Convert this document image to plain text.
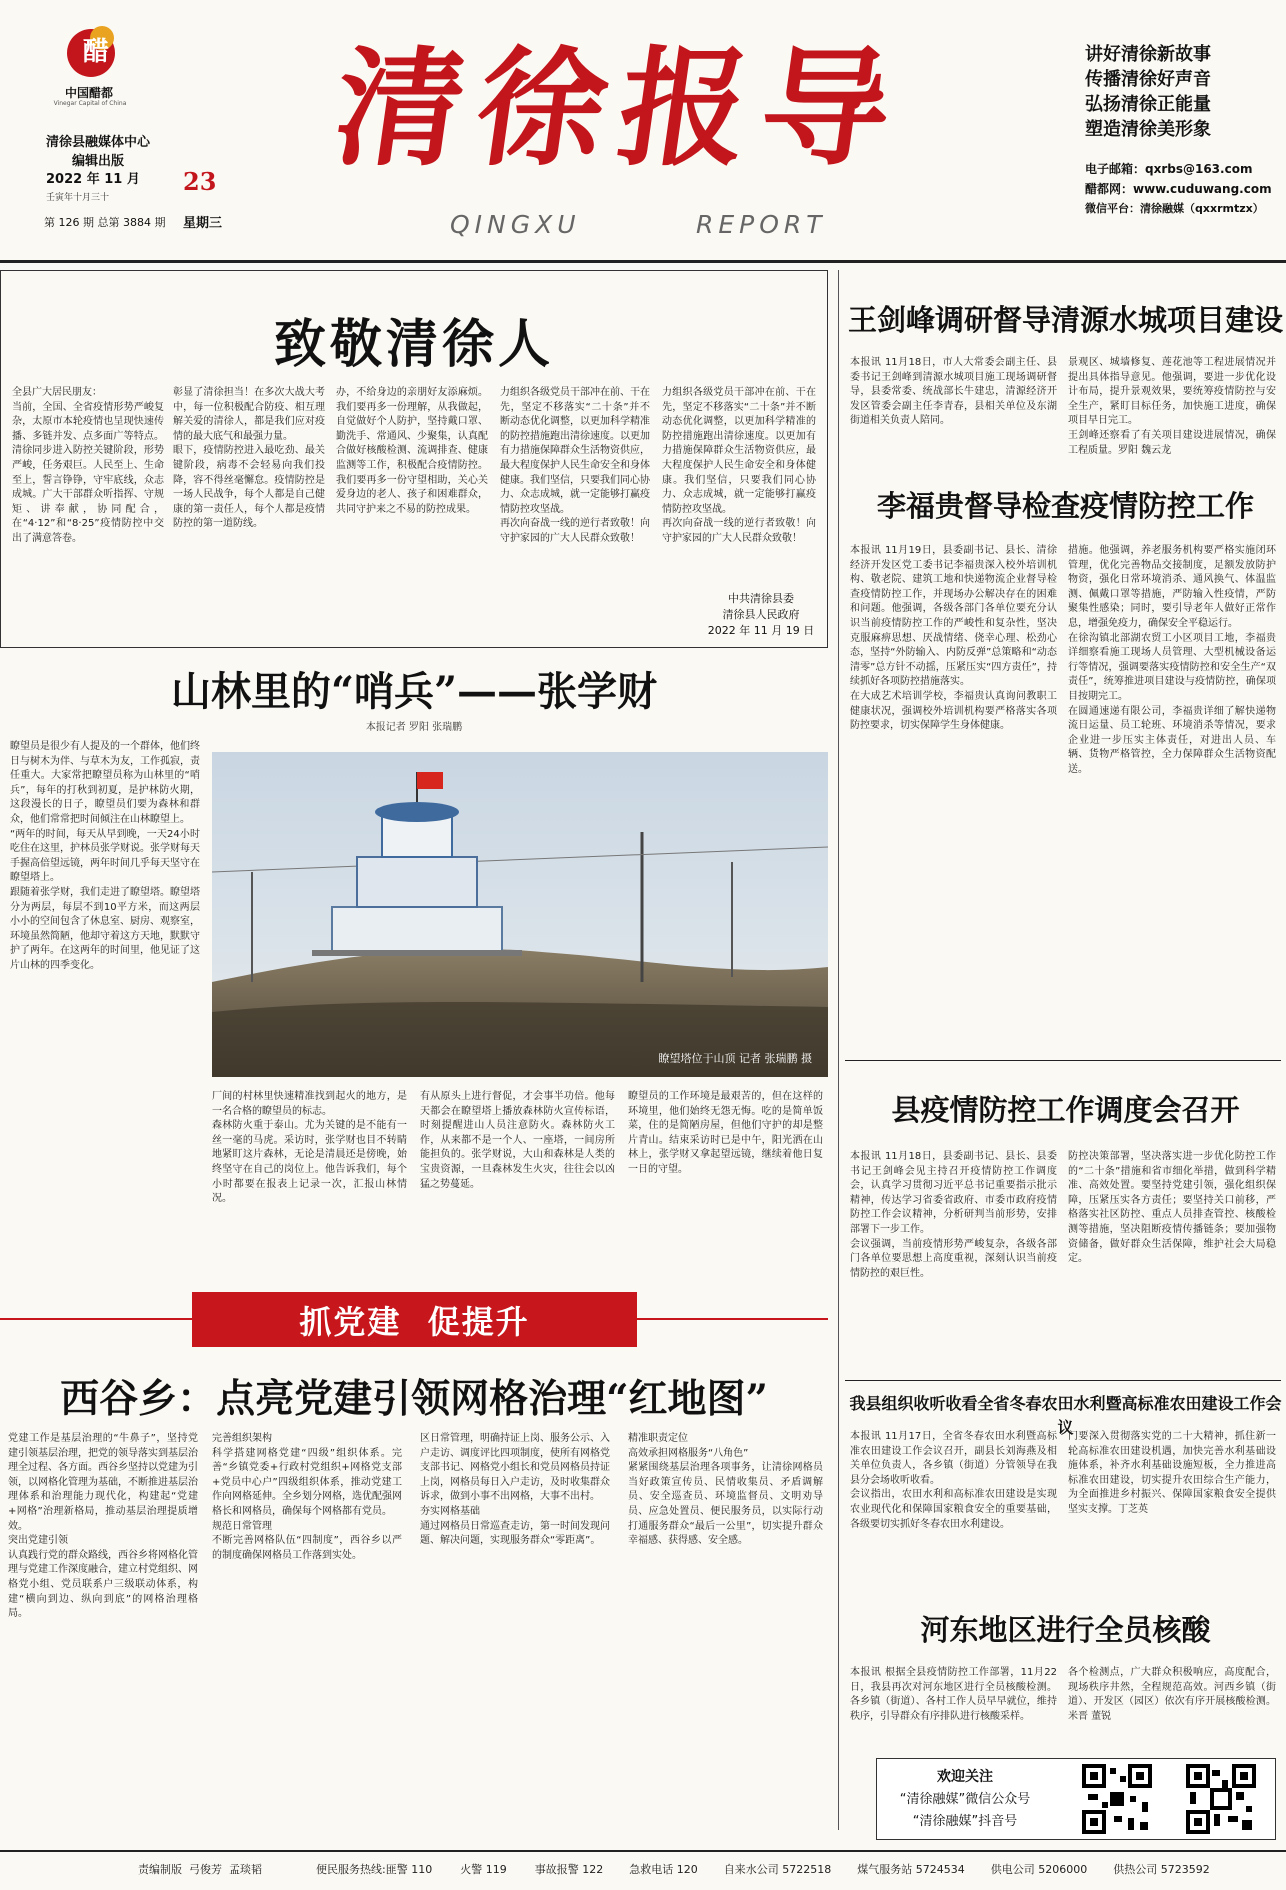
醋
中国醋都
Vinegar Capital of China
清徐县融媒体中心
编辑出版
2022 年 11 月 23
壬寅年十月三十
第 126 期 总第 3884 期 星期三
清徐报导
QINGXU	REPORT
讲好清徐新故事
传播清徐好声音
弘扬清徐正能量
塑造清徐美形象
电子邮箱：qxrbs@163.com
醋都网：www.cuduwang.com
微信平台：清徐融媒（qxxrmtzx）
致敬清徐人
全县广大居民朋友：
当前，全国、全省疫情形势严峻复杂，太原市本轮疫情也呈现快速传播、多链并发、点多面广等特点。清徐同步进入防控关键阶段，形势严峻，任务艰巨。人民至上、生命至上，誓言铮铮，守牢底线，众志成城。广大干部群众听指挥、守规矩、讲奉献，协同配合，在“4·12”和“8·25”疫情防控中交出了满意答卷。
彰显了清徐担当！在多次大战大考中，每一位积极配合防疫、相互理解关爱的清徐人，都是我们应对疫情的最大底气和最强力量。
眼下，疫情防控进入最吃劲、最关键阶段，病毒不会轻易向我们投降，容不得丝毫懈怠。疫情防控是一场人民战争，每个人都是自己健康的第一责任人，每个人都是疫情防控的第一道防线。
办，不给身边的亲朋好友添麻烦。我们要再多一份理解，从我做起，自觉做好个人防护，坚持戴口罩、勤洗手、常通风、少聚集，认真配合做好核酸检测、流调排查、健康监测等工作，积极配合疫情防控。我们要再多一份守望相助，关心关爱身边的老人、孩子和困难群众，共同守护来之不易的防控成果。
力组织各级党员干部冲在前、干在先，坚定不移落实“二十条”并不断动态优化调整，以更加科学精准的防控措施跑出清徐速度。以更加有力措施保障群众生活物资供应，最大程度保护人民生命安全和身体健康。我们坚信，只要我们同心协力、众志成城，就一定能够打赢疫情防控攻坚战。
再次向奋战一线的逆行者致敬！向守护家园的广大人民群众致敬！
力组织各级党员干部冲在前、干在先，坚定不移落实“二十条”并不断动态优化调整，以更加科学精准的防控措施跑出清徐速度。以更加有力措施保障群众生活物资供应，最大程度保护人民生命安全和身体健康。我们坚信，只要我们同心协力、众志成城，就一定能够打赢疫情防控攻坚战。
再次向奋战一线的逆行者致敬！向守护家园的广大人民群众致敬！
中共清徐县委
清徐县人民政府
2022 年 11 月 19 日
山林里的“哨兵”——张学财
本报记者 罗阳 张瑞鹏
瞭望员是很少有人提及的一个群体，他们终日与树木为伴、与草木为友，工作孤寂，责任重大。大家常把瞭望员称为山林里的“哨兵”，每年的打秋到初夏，是护林防火期，这段漫长的日子，瞭望员们要为森林和群众，他们常常把时间倾注在山林瞭望上。
“两年的时间，每天从早到晚，一天24小时吃住在这里，护林员张学财说。张学财每天手握高倍望远镜，两年时间几乎每天坚守在瞭望塔上。
跟随着张学财，我们走进了瞭望塔。瞭望塔分为两层，每层不到10平方米，而这两层小小的空间包含了休息室、厨房、观察室，环境虽然简陋，他却守着这方天地，默默守护了两年。在这两年的时间里，他见证了这片山林的四季变化。
瞭望塔位于山顶 记者 张瑞鹏 摄
厂间的村林里快速精准找到起火的地方，是一名合格的瞭望员的标志。
森林防火重于泰山。尤为关键的是不能有一丝一毫的马虎。采访时，张学财也目不转睛地紧盯这片森林，无论是清晨还是傍晚，始终坚守在自己的岗位上。他告诉我们，每个小时都要在报表上记录一次，汇报山林情况。
有从原头上进行督促，才会事半功倍。他每天都会在瞭望塔上播放森林防火宣传标语，时刻提醒进山人员注意防火。森林防火工作，从来都不是一个人、一座塔，一间房所能担负的。张学财说，大山和森林是人类的宝贵资源，一旦森林发生火灾，往往会以凶猛之势蔓延。
瞭望员的工作环境是最艰苦的，但在这样的环境里，他们始终无怨无悔。吃的是简单饭菜，住的是简陋房屋，但他们守护的却是整片青山。结束采访时已是中午，阳光洒在山林上，张学财又拿起望远镜，继续着他日复一日的守望。
抓党建  促提升
西谷乡：点亮党建引领网格治理“红地图”
党建工作是基层治理的“牛鼻子”，坚持党建引领基层治理，把党的领导落实到基层治理全过程、各方面。西谷乡坚持以党建为引领，以网格化管理为基础，不断推进基层治理体系和治理能力现代化，构建起“党建+网格”治理新格局，推动基层治理提质增效。
突出党建引领
认真践行党的群众路线，西谷乡将网格化管理与党建工作深度融合，建立村党组织、网格党小组、党员联系户三级联动体系，构建“横向到边、纵向到底”的网格治理格局。
完善组织架构
科学搭建网格党建“四级”组织体系。完善“乡镇党委+行政村党组织+网格党支部+党员中心户”四级组织体系，推动党建工作向网格延伸。全乡划分网格，选优配强网格长和网格员，确保每个网格都有党员。
规范日常管理
不断完善网格队伍“四制度”，西谷乡以严的制度确保网格员工作落到实处。
区日常管理，明确持证上岗、服务公示、入户走访、调度评比四项制度，使所有网格党支部书记、网格党小组长和党员网格员持证上岗，网格员每日入户走访，及时收集群众诉求，做到小事不出网格，大事不出村。
夯实网格基础
通过网格员日常巡查走访，第一时间发现问题、解决问题，实现服务群众“零距离”。
精准职责定位
高效承担网格服务“八角色”
紧紧围绕基层治理各项事务，让清徐网格员当好政策宣传员、民情收集员、矛盾调解员、安全巡查员、环境监督员、文明劝导员、应急处置员、便民服务员，以实际行动打通服务群众“最后一公里”，切实提升群众幸福感、获得感、安全感。
王剑峰调研督导清源水城项目建设
本报讯 11月18日，市人大常委会副主任、县委书记王剑峰到清源水城项目施工现场调研督导，县委常委、统战部长牛建忠，清源经济开发区管委会副主任李青春，县相关单位及东湖街道相关负责人陪同。
景观区、城墙修复、莲花池等工程进展情况并提出具体指导意见。他强调，要进一步优化设计布局，提升景观效果，要统筹疫情防控与安全生产，紧盯目标任务，加快施工进度，确保项目早日完工。
王剑峰还察看了有关项目建设进展情况，确保工程质量。罗阳 魏云龙
李福贵督导检查疫情防控工作
本报讯 11月19日，县委副书记、县长、清徐经济开发区党工委书记李福贵深入校外培训机构、敬老院、建筑工地和快递物流企业督导检查疫情防控工作，并现场办公解决存在的困难和问题。他强调，各级各部门各单位要充分认识当前疫情防控工作的严峻性和复杂性，坚决克服麻痹思想、厌战情绪、侥幸心理、松劲心态，坚持“外防输入、内防反弹”总策略和“动态清零”总方针不动摇，压紧压实“四方责任”，持续抓好各项防控措施落实。
在大成艺术培训学校，李福贵认真询问教职工健康状况，强调校外培训机构要严格落实各项防控要求，切实保障学生身体健康。
措施。他强调，养老服务机构要严格实施闭环管理，优化完善物品交接制度，足额发放防护物资，强化日常环境消杀、通风换气、体温监测、佩戴口罩等措施，严防输入性疫情，严防聚集性感染；同时，要引导老年人做好正常作息，增强免疫力，确保安全平稳运行。
在徐沟镇北部湖农贸工小区项目工地，李福贵详细察看施工现场人员管理、大型机械设备运行等情况，强调要落实疫情防控和安全生产“双责任”，统筹推进项目建设与疫情防控，确保项目按期完工。
在圆通速递有限公司，李福贵详细了解快递物流日运量、员工轮班、环境消杀等情况，要求企业进一步压实主体责任，对进出人员、车辆、货物严格管控，全力保障群众生活物资配送。
县疫情防控工作调度会召开
本报讯 11月18日，县委副书记、县长、县委书记王剑峰会见主持召开疫情防控工作调度会，认真学习贯彻习近平总书记重要指示批示精神，传达学习省委省政府、市委市政府疫情防控工作会议精神，分析研判当前形势，安排部署下一步工作。
会议强调，当前疫情形势严峻复杂，各级各部门各单位要思想上高度重视，深刻认识当前疫情防控的艰巨性。
防控决策部署，坚决落实进一步优化防控工作的“二十条”措施和省市细化举措，做到科学精准、高效处置。要坚持党建引领，强化组织保障，压紧压实各方责任；要坚持关口前移，严格落实社区防控、重点人员排查管控、核酸检测等措施，坚决阻断疫情传播链条；要加强物资储备，做好群众生活保障，维护社会大局稳定。
我县组织收听收看全省冬春农田水利暨高标准农田建设工作会议
本报讯 11月17日，全省冬春农田水利暨高标准农田建设工作会议召开，副县长刘海燕及相关单位负责人，各乡镇（街道）分管领导在我县分会场收听收看。
会议指出，农田水利和高标准农田建设是实现农业现代化和保障国家粮食安全的重要基础，各级要切实抓好冬春农田水利建设。
门要深入贯彻落实党的二十大精神，抓住新一轮高标准农田建设机遇，加快完善水利基础设施体系，补齐水利基础设施短板，全力推进高标准农田建设，切实提升农田综合生产能力，为全面推进乡村振兴、保障国家粮食安全提供坚实支撑。丁芝英
河东地区进行全员核酸
本报讯 根据全县疫情防控工作部署，11月22日，我县再次对河东地区进行全员核酸检测。各乡镇（街道）、各村工作人员早早就位，维持秩序，引导群众有序排队进行核酸采样。
各个检测点，广大群众积极响应，高度配合，现场秩序井然，全程规范高效。河西乡镇（街道）、开发区（园区）依次有序开展核酸检测。米晋 董锐
欢迎关注
“清徐融媒”微信公众号
“清徐融媒”抖音号
责编制版  弓俊芳  孟琰韬	便民服务热线:匪警 110	火警 119	事故报警 122 急救电话 120 自来水公司 5722518 煤气服务站 5724534 供电公司 5206000 供热公司 5723592
